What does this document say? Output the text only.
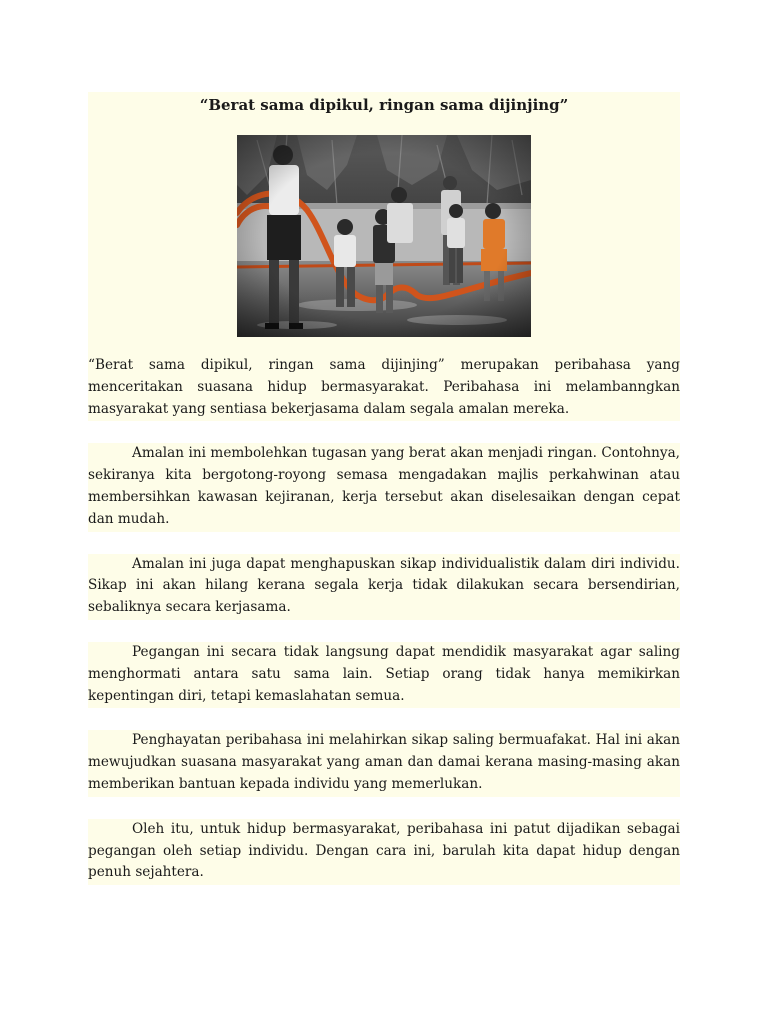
“Berat sama dipikul, ringan sama dijinjing”

“Berat sama dipikul, ringan sama dijinjing” merupakan peribahasa yang menceritakan suasana hidup bermasyarakat. Peribahasa ini melambanngkan masyarakat yang sentiasa bekerjasama dalam segala amalan mereka.

Amalan ini membolehkan tugasan yang berat akan menjadi ringan. Contohnya, sekiranya kita bergotong-royong semasa mengadakan majlis perkahwinan atau membersihkan kawasan kejiranan, kerja tersebut akan diselesaikan dengan cepat dan mudah.

Amalan ini juga dapat menghapuskan sikap individualistik dalam diri individu. Sikap ini akan hilang kerana segala kerja tidak dilakukan secara bersendirian, sebaliknya secara kerjasama.

Pegangan ini secara tidak langsung dapat mendidik masyarakat agar saling menghormati antara satu sama lain. Setiap orang tidak hanya memikirkan kepentingan diri, tetapi kemaslahatan semua.

Penghayatan peribahasa ini melahirkan sikap saling bermuafakat. Hal ini akan mewujudkan suasana masyarakat yang aman dan damai kerana masing-masing akan memberikan bantuan kepada individu yang memerlukan.

Oleh itu, untuk hidup bermasyarakat, peribahasa ini patut dijadikan sebagai pegangan oleh setiap individu. Dengan cara ini, barulah kita dapat hidup dengan penuh sejahtera.
